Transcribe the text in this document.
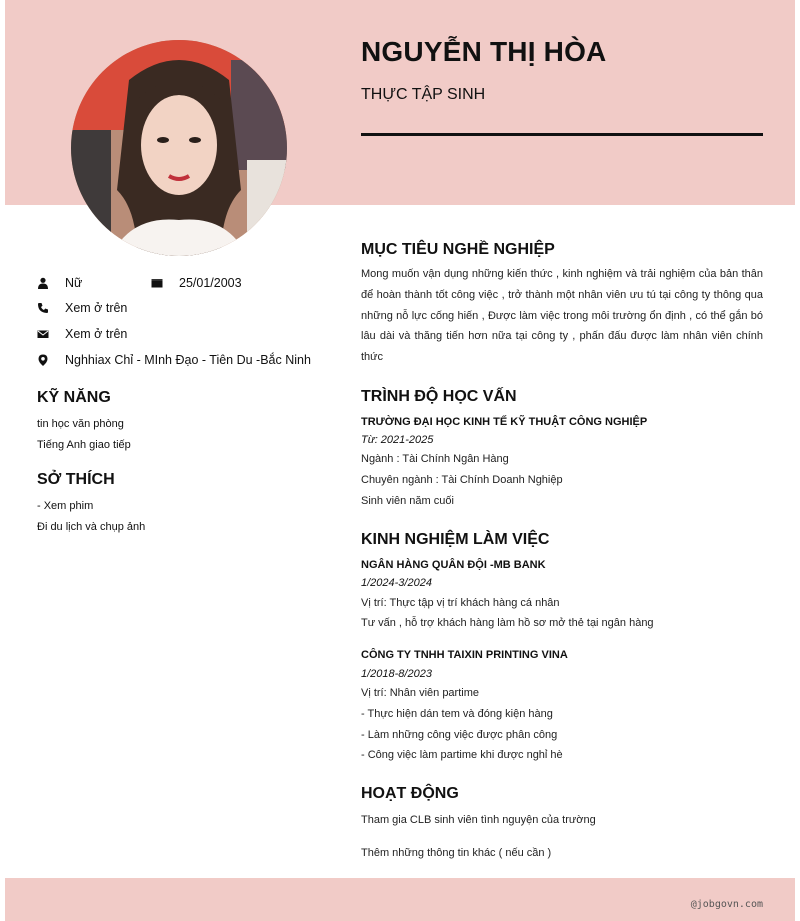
NGUYỄN THỊ HÒA
THỰC TẬP SINH
Nữ	25/01/2003
Xem ở trên
Xem ở trên
Nghhiax Chỉ - MInh Đạo - Tiên Du -Bắc Ninh
KỸ NĂNG
tin học văn phòng
Tiếng Anh giao tiếp
SỞ THÍCH
- Xem phim
Đi du lịch và chụp ảnh
MỤC TIÊU NGHỀ NGHIỆP
Mong muốn vận dụng những kiến thức , kinh nghiệm và trải nghiệm của bản thân để hoàn thành tốt công việc , trở thành một nhân viên ưu tú tại công ty thông qua những nỗ lực cống hiến , Được làm việc trong môi trường ổn định , có thể gắn bó lâu dài và thăng tiến hơn nữa tại công ty , phấn đấu được làm nhân viên chính thức
TRÌNH ĐỘ HỌC VẤN
TRƯỜNG ĐẠI HỌC KINH TẾ KỸ THUẬT CÔNG NGHIỆP
Từ: 2021-2025
Ngành : Tài Chính Ngân Hàng
Chuyên ngành : Tài Chính Doanh Nghiệp
Sinh viên năm cuối
KINH NGHIỆM LÀM VIỆC
NGÂN HÀNG QUÂN ĐỘI -MB BANK
1/2024-3/2024
Vị trí: Thực tập vị trí khách hàng cá nhân
Tư vấn , hỗ trợ khách hàng làm hồ sơ mở thẻ tại ngân hàng
CÔNG TY TNHH TAIXIN PRINTING VINA
1/2018-8/2023
Vị trí: Nhân viên partime
- Thực hiện dán tem và đóng kiện hàng
- Làm những công việc được phân công
- Công việc làm partime khi được nghỉ hè
HOẠT ĐỘNG
Tham gia CLB sinh viên tình nguyện của trường
Thêm những thông tin khác ( nếu cần )
@jobgovn.com
